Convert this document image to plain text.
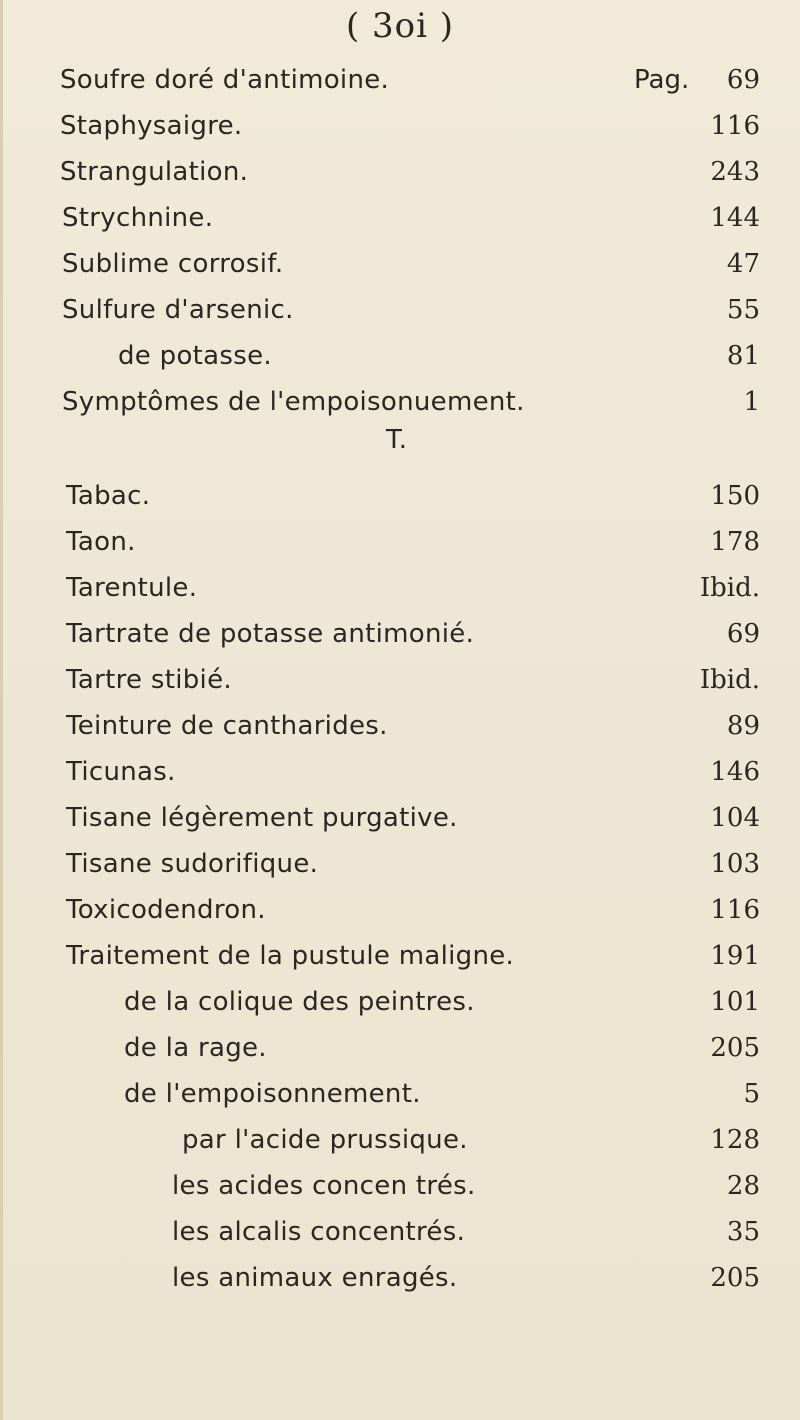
( 3oi )
Soufre doré d'antimoine.	Pag. 69
Staphysaigre.	116
Strangulation.	243
Strychnine.	144
Sublime corrosif.	47
Sulfure d'arsenic.	55
de potasse.	81
Symptômes de l'empoisonuement.	1
T.
Tabac.	150
Taon.	178
Tarentule.	Ibid.
Tartrate de potasse antimonié.	69
Tartre stibié.	Ibid.
Teinture de cantharides.	89
Ticunas.	146
Tisane légèrement purgative.	104
Tisane sudorifique.	103
Toxicodendron.	116
Traitement de la pustule maligne.	191
de la colique des peintres.	101
de la rage.	205
de l'empoisonnement.	5
par l'acide prussique.	128
les acides concen trés.	28
les alcalis concentrés.	35
les animaux enragés.	205
